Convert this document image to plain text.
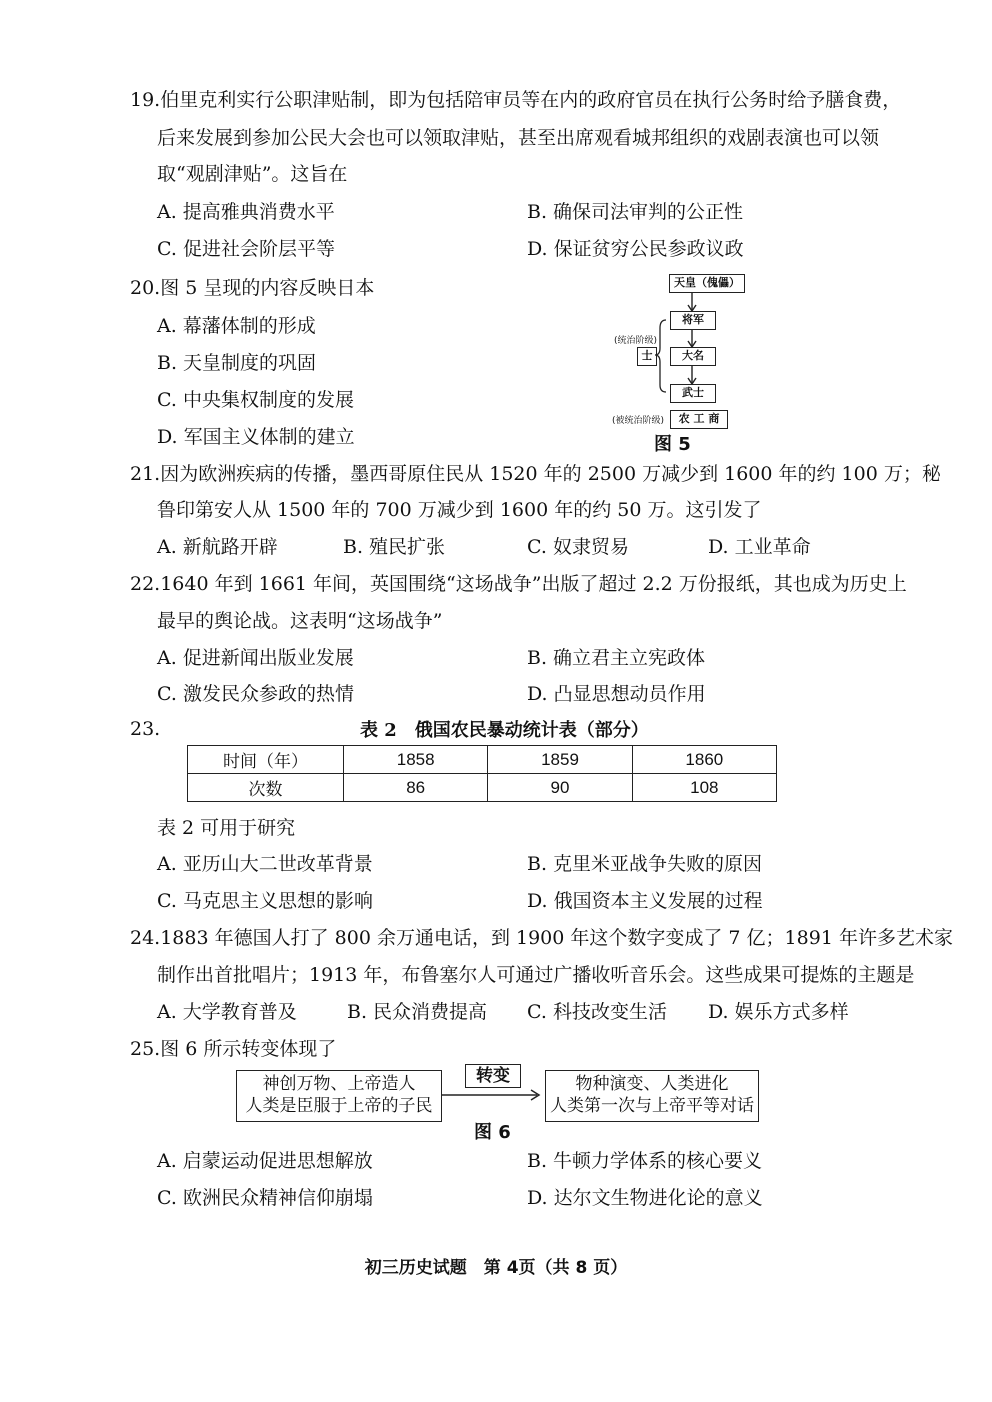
19.伯里克利实行公职津贴制，即为包括陪审员等在内的政府官员在执行公务时给予膳食费，
后来发展到参加公民大会也可以领取津贴，甚至出席观看城邦组织的戏剧表演也可以领
取“观剧津贴”。这旨在
A. 提高雅典消费水平	B. 确保司法审判的公正性
C. 促进社会阶层平等	D. 保证贫穷公民参政议政
20.图 5 呈现的内容反映日本
A. 幕藩体制的形成
B. 天皇制度的巩固
C. 中央集权制度的发展
D. 军国主义体制的建立
天皇（傀儡）
将军
大名
武士
士
农 工 商
(统治阶级)
(被统治阶级)
图 5
21.因为欧洲疾病的传播，墨西哥原住民从 1520 年的 2500 万减少到 1600 年的约 100 万；秘
鲁印第安人从 1500 年的 700 万减少到 1600 年的约 50 万。这引发了
A. 新航路开辟	B. 殖民扩张	C. 奴隶贸易	D. 工业革命
22.1640 年到 1661 年间，英国围绕“这场战争”出版了超过 2.2 万份报纸，其也成为历史上
最早的舆论战。这表明“这场战争”
A. 促进新闻出版业发展	B. 确立君主立宪政体
C. 激发民众参政的热情	D. 凸显思想动员作用
23.	表 2　俄国农民暴动统计表（部分）
时间（年）	1858	1859	1860
次数	86	90	108
表 2 可用于研究
A. 亚历山大二世改革背景	B. 克里米亚战争失败的原因
C. 马克思主义思想的影响	D. 俄国资本主义发展的过程
24.1883 年德国人打了 800 余万通电话，到 1900 年这个数字变成了 7 亿；1891 年许多艺术家
制作出首批唱片；1913 年，布鲁塞尔人可通过广播收听音乐会。这些成果可提炼的主题是
A. 大学教育普及	B. 民众消费提高 C. 科技改变生活 D. 娱乐方式多样
25.图 6 所示转变体现了
神创万物、上帝造人
人类是臣服于上帝的子民
转变	物种演变、人类进化
人类第一次与上帝平等对话
图 6
A. 启蒙运动促进思想解放	B. 牛顿力学体系的核心要义
C. 欧洲民众精神信仰崩塌	D. 达尔文生物进化论的意义
初三历史试题　第 4页（共 8 页）
